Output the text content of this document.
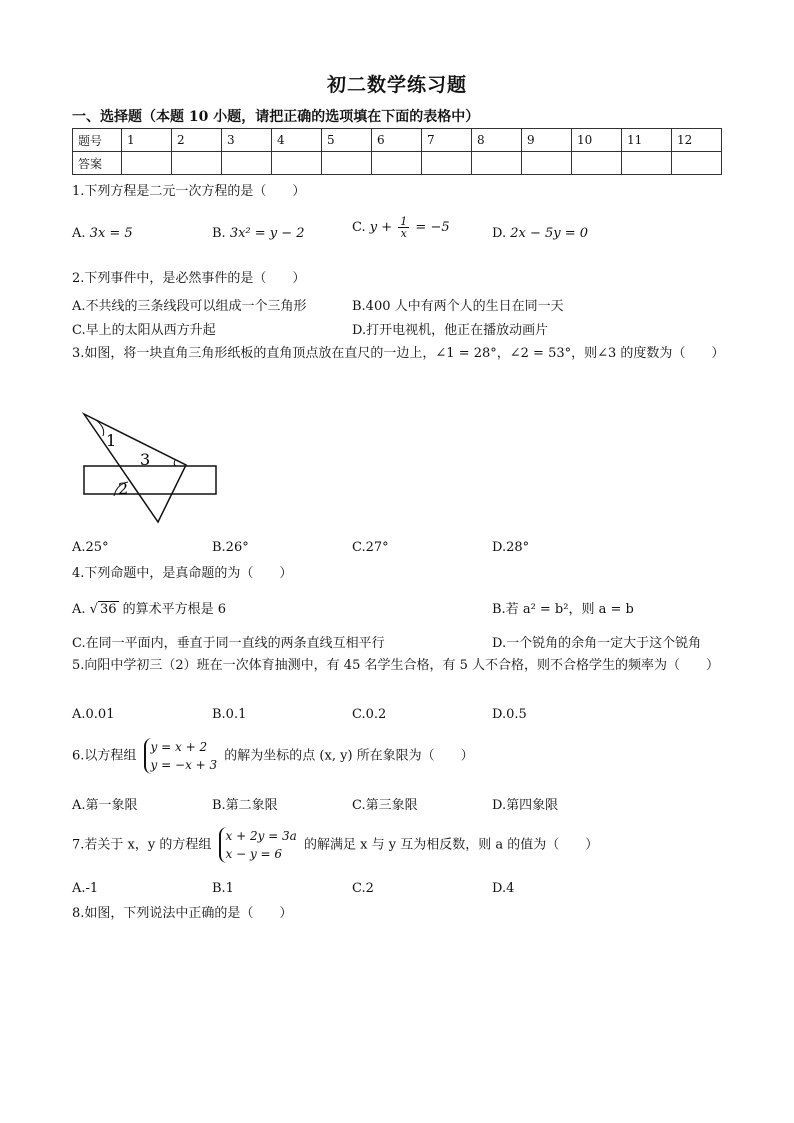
初二数学练习题
一、选择题（本题 10 小题，请把正确的选项填在下面的表格中）
题号	1	2	3	4	5	6	7	8	9	10	11	12
答案												
1.下列方程是二元一次方程的是（　　）
A. 3x = 5	B. 3x² = y − 2	C. $y + \frac{1}{x} = -5$	D. 2x − 5y = 0
2.下列事件中，是必然事件的是（　　）
A.不共线的三条线段可以组成一个三角形	B.400 人中有两个人的生日在同一天
C.早上的太阳从西方升起	D.打开电视机，他正在播放动画片
3.如图，将一块直角三角形纸板的直角顶点放在直尺的一边上，∠1 = 28°，∠2 = 53°，则∠3 的度数为（　　）
1
3
2
A.25°	B.26°	C.27°	D.28°
4.下列命题中，是真命题的为（　　）
A. √ 36 的算术平方根是 6	B.若 a² = b²，则 a = b
C.在同一平面内，垂直于同一直线的两条直线互相平行	D.一个锐角的余角一定大于这个锐角
5.向阳中学初三（2）班在一次体育抽测中，有 45 名学生合格，有 5 人不合格，则不合格学生的频率为（　　）
A.0.01	B.0.1	C.0.2	D.0.5
6.以方程组
y = x + 2
y = −x + 3
的解为坐标的点 (x, y) 所在象限为（　　）
A.第一象限	B.第二象限	C.第三象限	D.第四象限
7.若关于 x，y 的方程组
x + 2y = 3a
x − y = 6
的解满足 x 与 y 互为相反数，则 a 的值为（　　）
A.-1	B.1	C.2	D.4
8.如图，下列说法中正确的是（　　）
